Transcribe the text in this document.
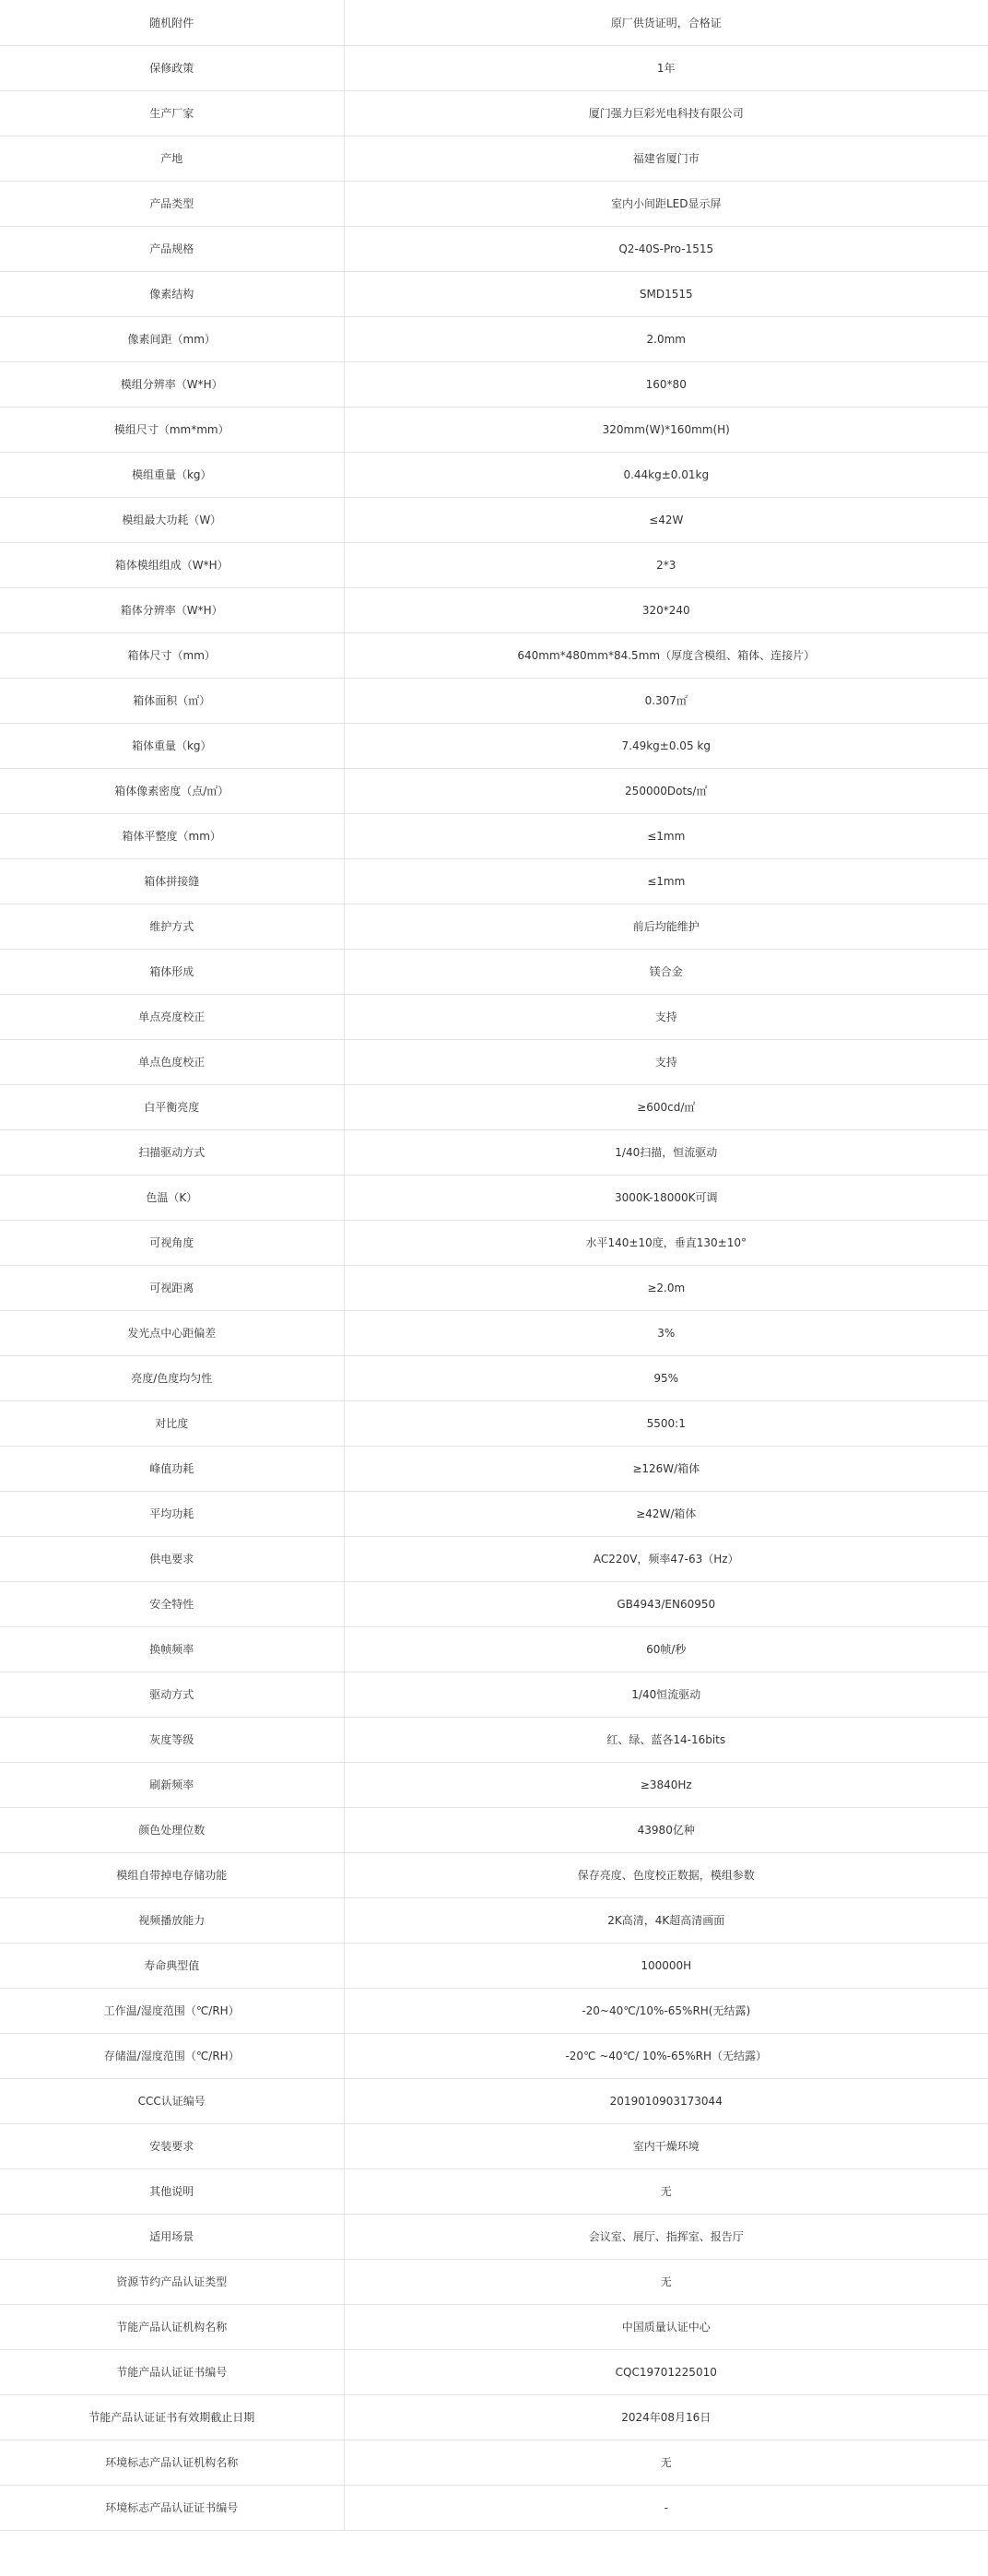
随机附件	原厂供货证明，合格证
保修政策	1年
生产厂家	厦门强力巨彩光电科技有限公司
产地	福建省厦门市
产品类型	室内小间距LED显示屏
产品规格	Q2-40S-Pro-1515
像素结构	SMD1515
像素间距（mm）	2.0mm
模组分辨率（W*H）	160*80
模组尺寸（mm*mm）	320mm(W)*160mm(H)
模组重量（kg）	0.44kg±0.01kg
模组最大功耗（W）	≤42W
箱体模组组成（W*H）	2*3
箱体分辨率（W*H）	320*240
箱体尺寸（mm）	640mm*480mm*84.5mm（厚度含模组、箱体、连接片）
箱体面积（㎡）	0.307㎡
箱体重量（kg）	7.49kg±0.05 kg
箱体像素密度（点/㎡）	250000Dots/㎡
箱体平整度（mm）	≤1mm
箱体拼接缝	≤1mm
维护方式	前后均能维护
箱体形成	镁合金
单点亮度校正	支持
单点色度校正	支持
白平衡亮度	≥600cd/㎡
扫描驱动方式	1/40扫描，恒流驱动
色温（K）	3000K-18000K可调
可视角度	水平140±10度，垂直130±10°
可视距离	≥2.0m
发光点中心距偏差	3%
亮度/色度均匀性	95%
对比度	5500:1
峰值功耗	≥126W/箱体
平均功耗	≥42W/箱体
供电要求	AC220V，频率47-63（Hz）
安全特性	GB4943/EN60950
换帧频率	60帧/秒
驱动方式	1/40恒流驱动
灰度等级	红、绿、蓝各14-16bits
刷新频率	≥3840Hz
颜色处理位数	43980亿种
模组自带掉电存储功能	保存亮度、色度校正数据，模组参数
视频播放能力	2K高清，4K超高清画面
寿命典型值	100000H
工作温/湿度范围（℃/RH）	-20~40℃/10%-65%RH(无结露)
存储温/湿度范围（℃/RH）	-20℃ ~40℃/ 10%-65%RH（无结露）
CCC认证编号	2019010903173044
安装要求	室内干燥环境
其他说明	无
适用场景	会议室、展厅、指挥室、报告厅
资源节约产品认证类型	无
节能产品认证机构名称	中国质量认证中心
节能产品认证证书编号	CQC19701225010
节能产品认证证书有效期截止日期	2024年08月16日
环境标志产品认证机构名称	无
环境标志产品认证证书编号	-
